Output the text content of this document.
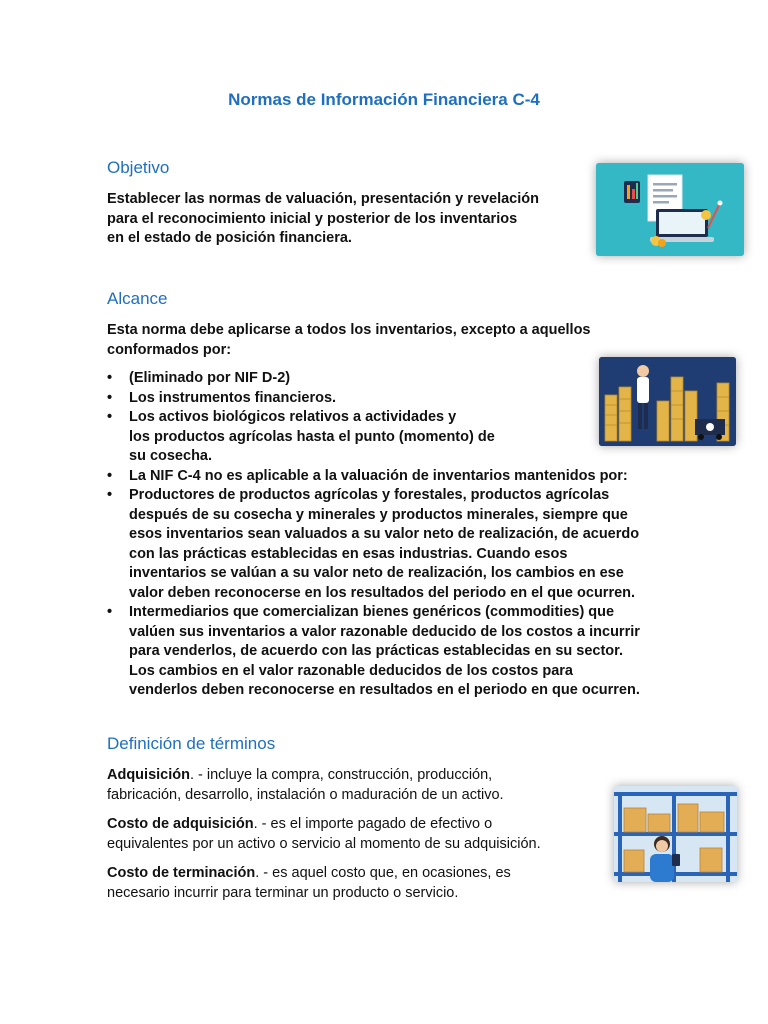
Normas de Información Financiera C-4
Objetivo
Establecer las normas de valuación, presentación y revelación
para el reconocimiento inicial y posterior de los inventarios
en el estado de posición financiera.
Alcance
Esta norma debe aplicarse a todos los inventarios, excepto a aquellos
conformados por:
• (Eliminado por NIF D-2)
• Los instrumentos financieros.
• Los activos biológicos relativos a actividades y
los productos agrícolas hasta el punto (momento) de
su cosecha.
• La NIF C-4 no es aplicable a la valuación de inventarios mantenidos por:
• Productores de productos agrícolas y forestales, productos agrícolas
después de su cosecha y minerales y productos minerales, siempre que
esos inventarios sean valuados a su valor neto de realización, de acuerdo
con las prácticas establecidas en esas industrias. Cuando esos
inventarios se valúan a su valor neto de realización, los cambios en ese
valor deben reconocerse en los resultados del periodo en el que ocurren.
• Intermediarios que comercializan bienes genéricos (commodities) que
valúen sus inventarios a valor razonable deducido de los costos a incurrir
para venderlos, de acuerdo con las prácticas establecidas en su sector.
Los cambios en el valor razonable deducidos de los costos para
venderlos deben reconocerse en resultados en el periodo en que ocurren.
Definición de términos
Adquisición. - incluye la compra, construcción, producción,
fabricación, desarrollo, instalación o maduración de un activo.
Costo de adquisición. - es el importe pagado de efectivo o
equivalentes por un activo o servicio al momento de su adquisición.
Costo de terminación. - es aquel costo que, en ocasiones, es
necesario incurrir para terminar un producto o servicio.
